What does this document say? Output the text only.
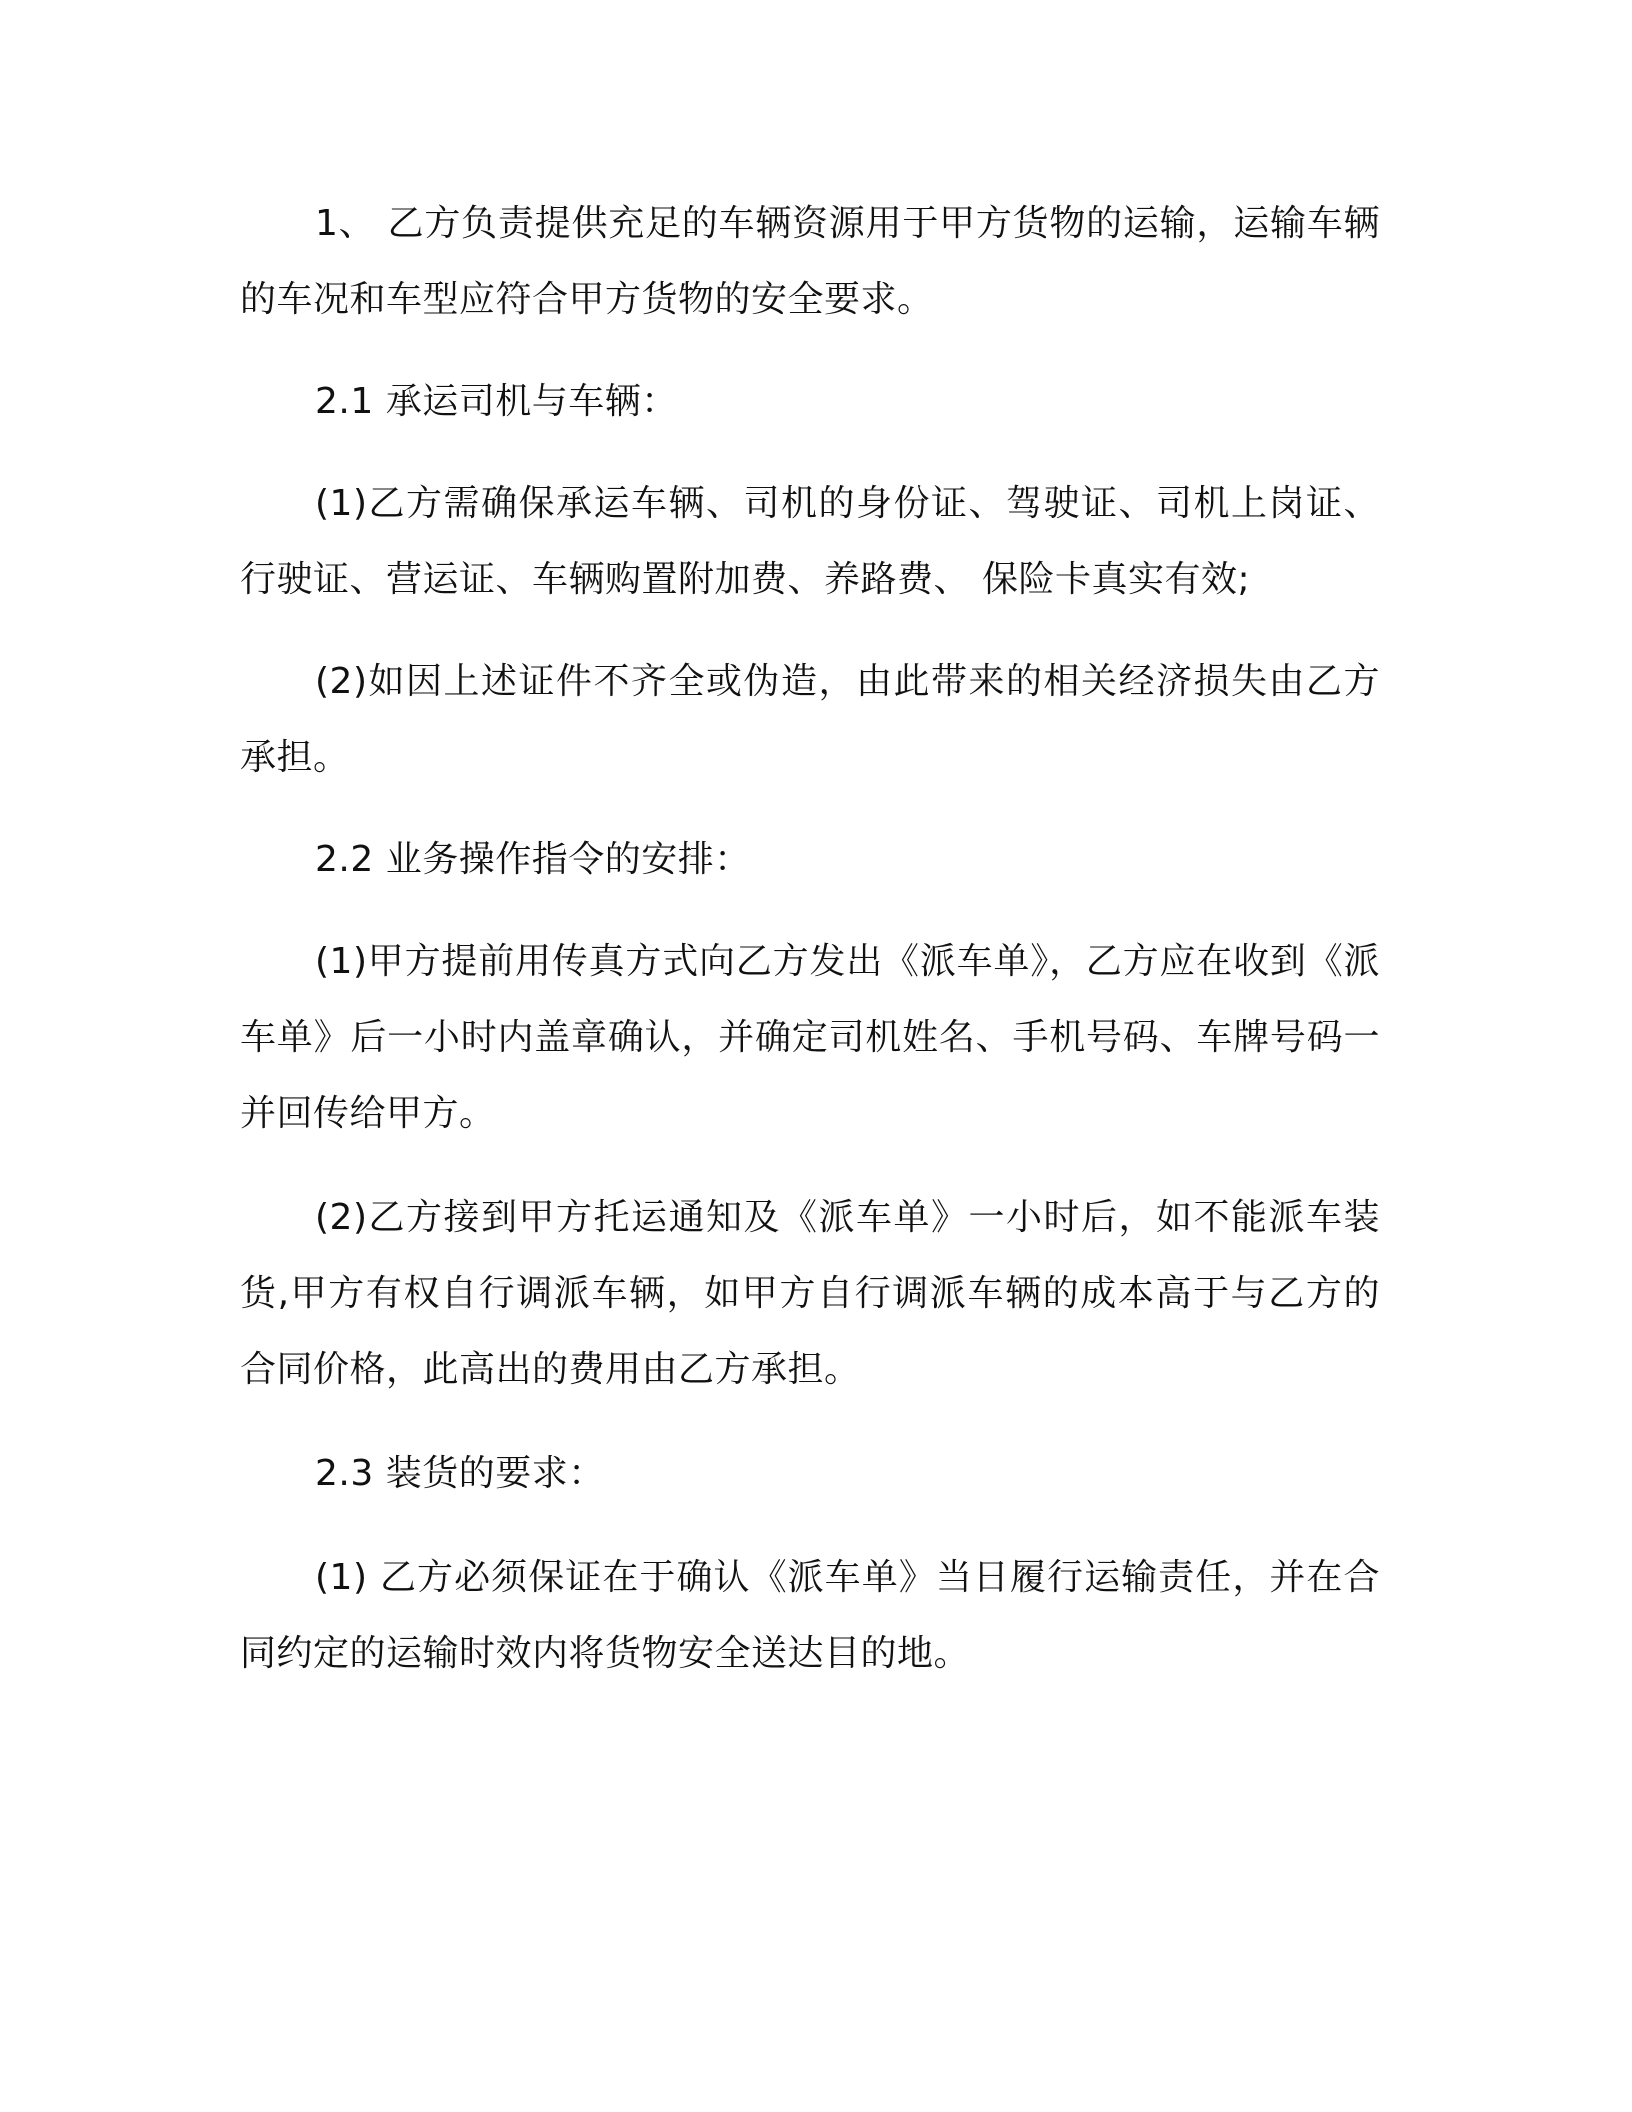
1、 乙方负责提供充足的车辆资源用于甲方货物的运输，运输车辆的车况和车型应符合甲方货物的安全要求。

2.1 承运司机与车辆：

(1)乙方需确保承运车辆、司机的身份证、驾驶证、司机上岗证、行驶证、营运证、车辆购置附加费、养路费、 保险卡真实有效;

(2)如因上述证件不齐全或伪造，由此带来的相关经济损失由乙方承担。

2.2 业务操作指令的安排：

(1)甲方提前用传真方式向乙方发出《派车单》，乙方应在收到《派车单》后一小时内盖章确认，并确定司机姓名、手机号码、车牌号码一并回传给甲方。

(2)乙方接到甲方托运通知及《派车单》一小时后，如不能派车装货,甲方有权自行调派车辆，如甲方自行调派车辆的成本高于与乙方的合同价格，此高出的费用由乙方承担。

2.3 装货的要求：

(1) 乙方必须保证在于确认《派车单》当日履行运输责任，并在合同约定的运输时效内将货物安全送达目的地。
